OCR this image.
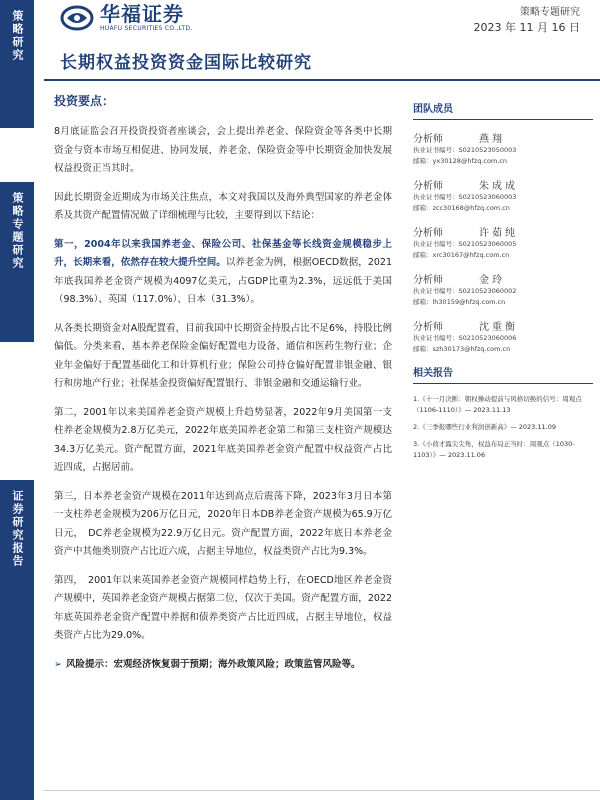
策略研究
策略专题研究
证券研究报告
华福证券
HUAFU SECURITIES CO.,LTD.
策略专题研究
2023 年 11 月 16 日
长期权益投资资金国际比较研究
投资要点：

8月底证监会召开投资投资者座谈会，会上提出养老金、保险资金等各类中长期资金与资本市场互相促进、协同发展，养老金、保险资金等中长期资金加快发展权益投资正当其时。

因此长期资金近期成为市场关注焦点，本文对我国以及海外典型国家的养老金体系及其资产配置情况做了详细梳理与比较，主要得到以下结论：

第一，2004年以来我国养老金、保险公司、社保基金等长线资金规模稳步上升，长期来看，依然存在较大提升空间。以养老金为例，根据OECD数据，2021年底我国养老金资产规模为4097亿美元，占GDP比重为2.3%，远远低于美国（98.3%）、英国（117.0%）、日本（31.3%）。

从各类长期资金对A股配置看，目前我国中长期资金持股占比不足6%，持股比例偏低。分类来看，基本养老保险金偏好配置电力设备、通信和医药生物行业；企业年金偏好于配置基础化工和计算机行业；保险公司持仓偏好配置非银金融、银行和房地产行业；社保基金投资偏好配置银行、非银金融和交通运输行业。

第二，2001年以来美国养老金资产规模上升趋势显著，2022年9月美国第一支柱养老金规模为2.8万亿美元，2022年底美国养老金第二和第三支柱资产规模达34.3万亿美元。资产配置方面，2021年底美国养老金资产配置中权益资产占比近四成，占据居前。

第三，日本养老金资产规模在2011年达到高点后震荡下降，2023年3月日本第一支柱养老金规模为206万亿日元，2020年日本DB养老金资产规模为65.9万亿日元，　DC养老金规模为22.9万亿日元。资产配置方面，2022年底日本养老金资产中其他类别资产占比近六成，占据主导地位，权益类资产占比为9.3%。

第四，　2001年以来英国养老金资产规模同样趋势上行，在OECD地区养老金资产规模中，英国养老金资产规模占据第二位，仅次于美国。资产配置方面，2022年底英国养老金资产配置中养据和债养类资产占比近四成，占据主导地位，权益类资产占比为29.0%。

➢ 风险提示：宏观经济恢复弱于预期；海外政策风险；政策监管风险等。
团队成员
分析师	燕翔
执业证书编号：S0210523050003
邮箱：yx30128@hfzq.com.cn
分析师	朱成成
执业证书编号：S0210523060003
邮箱：zcc30168@hfzq.com.cn
分析师	许茹纯
执业证书编号：S0210523060005
邮箱：xrc30167@hfzq.com.cn
分析师	金玲
执业证书编号：S0210523060002
邮箱：lh30159@hfzq.com.cn
分析师	沈重衡
执业证书编号：S0210523060006
邮箱：szh30173@hfzq.com.cn
相关报告
1.《十一月决断：朝权操动提前与风格切换的信号：周观点（1106-1110）》— 2023.11.13
2.《三季报哪些行业利润创新高》— 2023.11.09
3.《小荷才露尖尖角，权益布局正当时：周观点（1030-1103）》— 2023.11.06
